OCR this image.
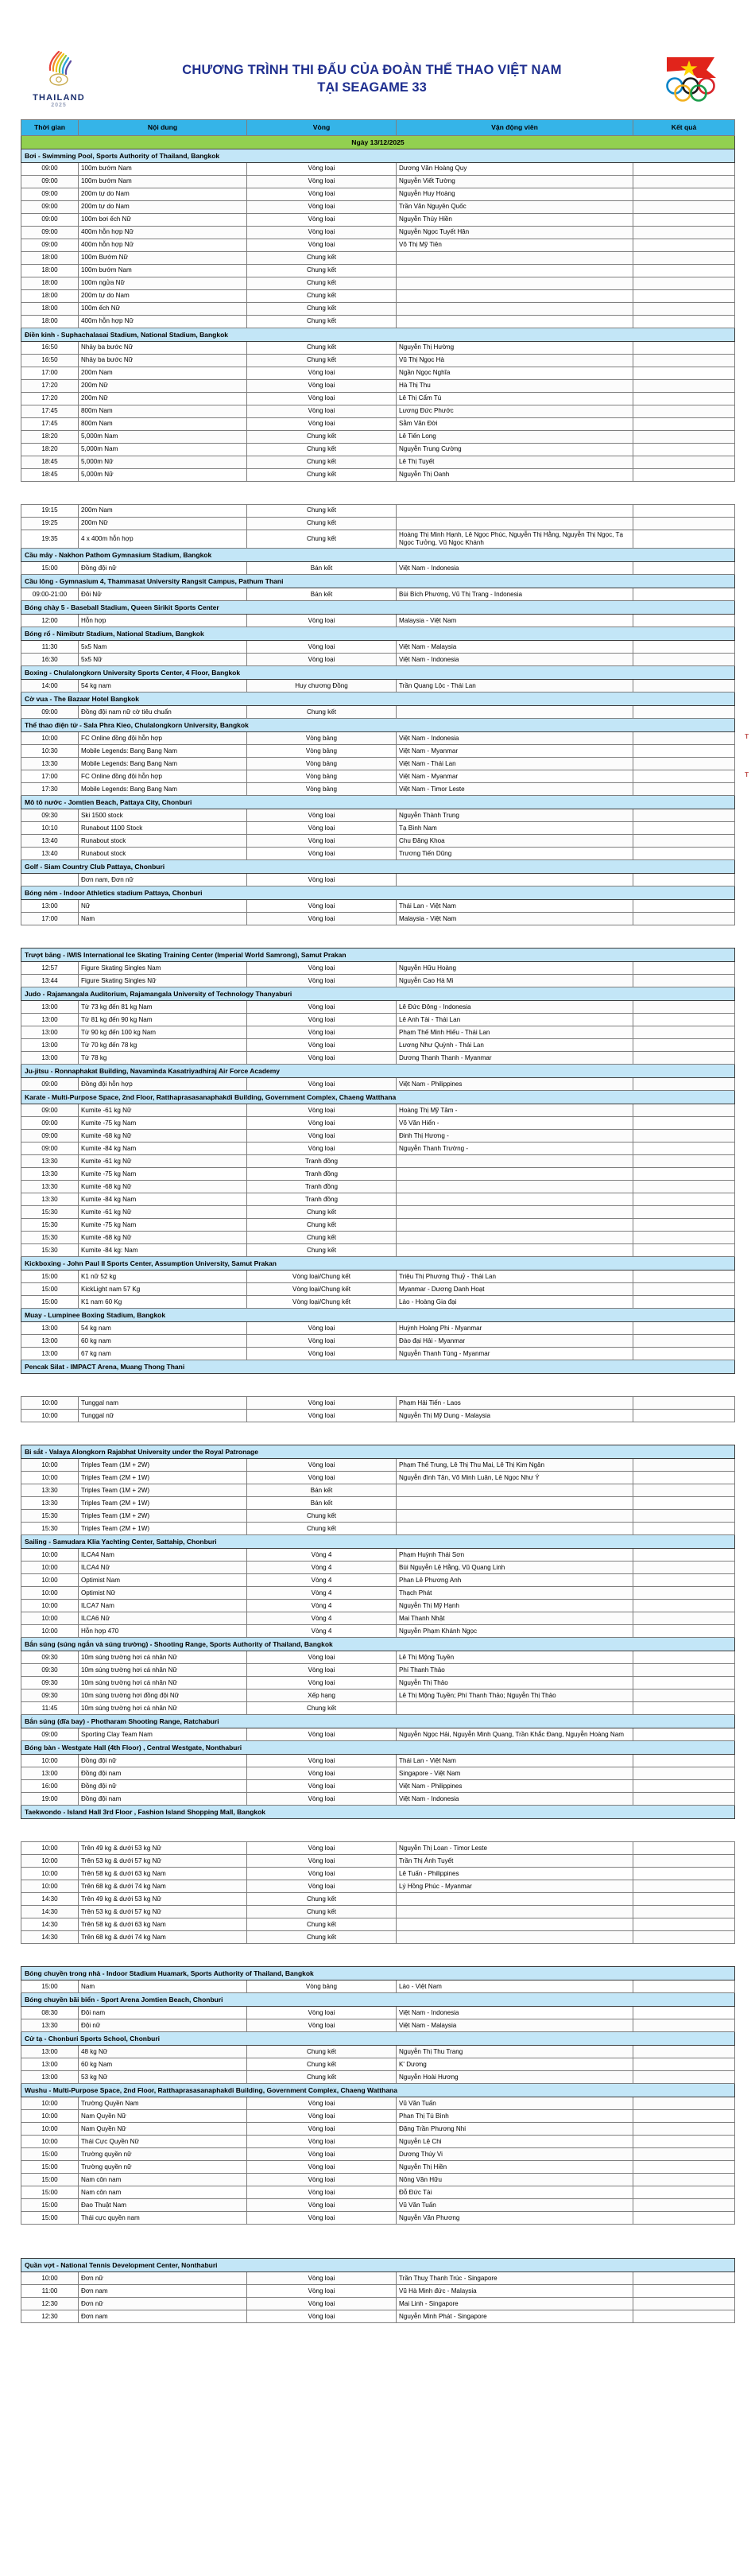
THAILAND
2025
CHƯƠNG TRÌNH THI ĐẤU CỦA ĐOÀN THỂ THAO VIỆT NAM
TẠI SEAGAME 33
Thời gian	Nội dung	Vòng	Vận động viên	Kết quả
Ngày 13/12/2025				
Bơi - Swimming Pool, Sports Authority of Thailand, Bangkok				
09:00	100m bướm Nam	Vòng loại	Dương Văn Hoàng Quy	
09:00	100m bướm Nam	Vòng loại	Nguyễn Viết Tường	
09:00	200m tự do Nam	Vòng loại	Nguyễn Huy Hoàng	
09:00	200m tự do Nam	Vòng loại	Trần Văn Nguyên Quốc	
09:00	100m bơi ếch Nữ	Vòng loại	Nguyễn Thúy Hiền	
09:00	400m hỗn hợp Nữ	Vòng loại	Nguyễn Ngọc Tuyết Hân	
09:00	400m hỗn hợp Nữ	Vòng loại	Võ Thị Mỹ Tiên	
18:00	100m Bướm Nữ	Chung kết		
18:00	100m bướm Nam	Chung kết		
18:00	100m ngửa Nữ	Chung kết		
18:00	200m tự do Nam	Chung kết		
18:00	100m ếch Nữ	Chung kết		
18:00	400m hỗn hợp Nữ	Chung kết		
Điền kinh - Suphachalasai Stadium, National Stadium, Bangkok				
16:50	Nhảy ba bước Nữ	Chung kết	Nguyễn Thị Hường	
16:50	Nhảy ba bước Nữ	Chung kết	Vũ Thị Ngọc Hà	
17:00	200m Nam	Vòng loại	Ngần Ngọc Nghĩa	
17:20	200m Nữ	Vòng loại	Hà Thị Thu	
17:20	200m Nữ	Vòng loại	Lê Thị Cẩm Tú	
17:45	800m Nam	Vòng loại	Lương Đức Phước	
17:45	800m Nam	Vòng loại	Sằm Văn Đời	
18:20	5,000m Nam	Chung kết	Lê Tiến Long	
18:20	5,000m Nam	Chung kết	Nguyễn Trung Cường	
18:45	5,000m Nữ	Chung kết	Lê Thị Tuyết	
18:45	5,000m Nữ	Chung kết	Nguyễn Thị Oanh	

19:15	200m Nam	Chung kết		
19:25	200m Nữ	Chung kết		
19:35	4 x 400m hỗn hợp	Chung kết	Hoàng Thị Minh Hạnh, Lê Ngọc Phúc, Nguyễn Thị Hằng, Nguyễn Thị Ngọc, Tạ Ngọc Tưởng, Vũ Ngọc Khánh	
Cầu mây - Nakhon Pathom Gymnasium Stadium, Bangkok				
15:00	Đồng đội nữ	Bán kết	Việt Nam - Indonesia	
Cầu lông - Gymnasium 4, Thammasat University Rangsit Campus, Pathum Thani				
09:00-21:00	Đôi Nữ	Bán kết	Bùi Bích Phương, Vũ Thị Trang - Indonesia	
Bóng chày 5 - Baseball Stadium, Queen Sirikit Sports Center				
12:00	Hỗn hợp	Vòng loại	Malaysia - Việt Nam	
Bóng rổ - Nimibutr Stadium, National Stadium, Bangkok				
11:30	5x5 Nam	Vòng loại	Việt Nam - Malaysia	
16:30	5x5 Nữ	Vòng loại	Việt Nam - Indonesia	
Boxing - Chulalongkorn University Sports Center, 4 Floor, Bangkok				
14:00	54 kg nam	Huy chương Đồng	Trần Quang Lộc - Thái Lan	
Cờ vua - The Bazaar Hotel Bangkok				
09:00	Đồng đội nam nữ cờ tiêu chuẩn	Chung kết		
Thể thao điện tử - Sala Phra Kieo, Chulalongkorn University, Bangkok				
10:00	FC Online đồng đội hỗn hợp	Vòng bảng	Việt Nam - Indonesia	T

10:30	Mobile Legends: Bang Bang Nam	Vòng bảng	Việt Nam - Myanmar	
13:30	Mobile Legends: Bang Bang Nam	Vòng bảng	Việt Nam - Thái Lan	
17:00	FC Online đồng đội hỗn hợp	Vòng bảng	Việt Nam - Myanmar	T

17:30	Mobile Legends: Bang Bang Nam	Vòng bảng	Việt Nam - Timor Leste	
Mô tô nước - Jomtien Beach, Pattaya City, Chonburi				
09:30	Ski 1500 stock	Vòng loại	Nguyễn Thành Trung	
10:10	Runabout 1100 Stock	Vòng loại	Tạ Bình Nam	
13:40	Runabout stock	Vòng loại	Chu Đăng Khoa	
13:40	Runabout stock	Vòng loại	Trương Tiến Dũng	
Golf - Siam Country Club Pattaya, Chonburi				
	Đơn nam, Đơn nữ	Vòng loại		
Bóng ném - Indoor Athletics stadium Pattaya, Chonburi				
13:00	Nữ	Vòng loại	Thái Lan - Việt Nam	
17:00	Nam	Vòng loại	Malaysia - Việt Nam	

Trượt băng - IWIS International Ice Skating Training Center (Imperial World Samrong), Samut Prakan				
12:57	Figure Skating Singles Nam	Vòng loại	Nguyễn Hữu Hoàng	
13:44	Figure Skating Singles Nữ	Vòng loại	Nguyễn Cao Hà Mi	
Judo - Rajamangala Auditorium, Rajamangala University of Technology Thanyaburi				
13:00	Từ 73 kg đến 81 kg Nam	Vòng loại	Lê Đức Đông - Indonesia	
13:00	Từ 81 kg đến 90 kg Nam	Vòng loại	Lê Anh Tài - Thái Lan	
13:00	Từ 90 kg đến 100 kg Nam	Vòng loại	Phạm Thế Minh Hiếu - Thái Lan	
13:00	Từ 70 kg đến 78 kg	Vòng loại	Lương Như Quỳnh - Thái Lan	
13:00	Từ 78 kg	Vòng loại	Dương Thanh Thanh - Myanmar	
Ju-jitsu - Ronnaphakat Building, Navaminda Kasatriyadhiraj Air Force Academy				
09:00	Đồng đội hỗn hợp	Vòng loại	Việt Nam - Philippines	
Karate - Multi-Purpose Space, 2nd Floor, Ratthaprasasanaphakdi Building, Government Complex, Chaeng Watthana				
09:00	Kumite -61 kg Nữ	Vòng loại	Hoàng Thị Mỹ Tâm -	
09:00	Kumite -75 kg Nam	Vòng loại	Võ Văn Hiển -	
09:00	Kumite -68 kg Nữ	Vòng loại	Đinh Thị Hương -	
09:00	Kumite -84 kg Nam	Vòng loại	Nguyễn Thanh Trường -	
13:30	Kumite -61 kg Nữ	Tranh đồng		
13:30	Kumite -75 kg Nam	Tranh đồng		
13:30	Kumite -68 kg Nữ	Tranh đồng		
13:30	Kumite -84 kg Nam	Tranh đồng		
15:30	Kumite -61 kg Nữ	Chung kết		
15:30	Kumite -75 kg Nam	Chung kết		
15:30	Kumite -68 kg Nữ	Chung kết		
15:30	Kumite -84 kg: Nam	Chung kết		
Kickboxing - John Paul II Sports Center, Assumption University, Samut Prakan				
15:00	K1 nữ 52 kg	Vòng loại/Chung kết	Triệu Thị Phương Thuỷ - Thái Lan	
15:00	KickLight nam 57 Kg	Vòng loại/Chung kết	Myanmar - Dương Danh Hoạt	
15:00	K1 nam 60 Kg	Vòng loại/Chung kết	Lào - Hoàng Gia đại	
Muay - Lumpinee Boxing Stadium, Bangkok				
13:00	54 kg nam	Vòng loại	Huỳnh Hoàng Phi - Myanmar	
13:00	60 kg nam	Vòng loại	Đào đại Hải - Myanmar	
13:00	67 kg nam	Vòng loại	Nguyễn Thanh Tùng - Myanmar	
Pencak Silat - IMPACT Arena, Muang Thong Thani				

10:00	Tunggal nam	Vòng loại	Phạm Hải Tiến - Laos	
10:00	Tunggal nữ	Vòng loại	Nguyễn Thị Mỹ Dung - Malaysia	

Bi sắt - Valaya Alongkorn Rajabhat University under the Royal Patronage				
10:00	Triples Team (1M + 2W)	Vòng loại	Phạm Thế Trung, Lê Thị Thu Mai, Lê Thị Kim Ngân	
10:00	Triples Team (2M + 1W)	Vòng loại	Nguyễn đình Tân, Võ Minh Luân, Lê Ngọc Như Ý	
13:30	Triples Team (1M + 2W)	Bán kết		
13:30	Triples Team (2M + 1W)	Bán kết		
15:30	Triples Team (1M + 2W)	Chung kết		
15:30	Triples Team (2M + 1W)	Chung kết		
Sailing - Samudara Klia Yachting Center, Sattahip, Chonburi				
10:00	ILCA4 Nam	Vòng 4	Phạm Huỳnh Thái Sơn	
10:00	ILCA4 Nữ	Vòng 4	Bùi Nguyễn Lệ Hằng, Vũ Quang Linh	
10:00	Optimist Nam	Vòng 4	Phan Lê Phương Anh	
10:00	Optimist Nữ	Vòng 4	Thạch Phát	
10:00	ILCA7 Nam	Vòng 4	Nguyễn Thị Mỹ Hạnh	
10:00	ILCA6 Nữ	Vòng 4	Mai Thanh Nhật	
10:00	Hỗn hợp 470	Vòng 4	Nguyễn Phạm Khánh Ngọc	
Bắn súng (súng ngắn và súng trường) - Shooting Range, Sports Authority of Thailand, Bangkok				
09:30	10m súng trường hơi cá nhân Nữ	Vòng loại	Lê Thị Mộng Tuyền	
09:30	10m súng trường hơi cá nhân Nữ	Vòng loại	Phí Thanh Thảo	
09:30	10m súng trường hơi cá nhân Nữ	Vòng loại	Nguyễn Thị Thảo	
09:30	10m súng trường hơi đồng đội Nữ	Xếp hạng	Lê Thị Mộng Tuyền; Phí Thanh Thảo; Nguyễn Thị Thảo	
11:45	10m súng trường hơi cá nhân Nữ	Chung kết		
Bắn súng (đĩa bay) - Photharam Shooting Range, Ratchaburi				
09:00	Sporting Clay Team Nam	Vòng loại	Nguyễn Ngọc Hải, Nguyễn Minh Quang, Trần Khắc Đang, Nguyễn Hoàng Nam	
Bóng bàn - Westgate Hall (4th Floor) , Central Westgate, Nonthaburi				
10:00	Đồng đội nữ	Vòng loại	Thái Lan - Việt Nam	
13:00	Đồng đội nam	Vòng loại	Singapore - Việt Nam	
16:00	Đồng đội nữ	Vòng loại	Việt Nam - Philippines	
19:00	Đồng đội nam	Vòng loại	Việt Nam - Indonesia	
Taekwondo - Island Hall 3rd Floor , Fashion Island Shopping Mall, Bangkok				

10:00	Trên 49 kg & dưới 53 kg Nữ	Vòng loại	Nguyễn Thị Loan - Timor Leste	
10:00	Trên 53 kg & dưới 57 kg Nữ	Vòng loại	Trần Thị Ánh Tuyết	
10:00	Trên 58 kg & dưới 63 kg Nam	Vòng loại	Lê Tuấn - Philippines	
10:00	Trên 68 kg & dưới 74 kg Nam	Vòng loại	Lý Hồng Phúc - Myanmar	
14:30	Trên 49 kg & dưới 53 kg Nữ	Chung kết		
14:30	Trên 53 kg & dưới 57 kg Nữ	Chung kết		
14:30	Trên 58 kg & dưới 63 kg Nam	Chung kết		
14:30	Trên 68 kg & dưới 74 kg Nam	Chung kết		

Bóng chuyền trong nhà - Indoor Stadium Huamark, Sports Authority of Thailand, Bangkok				
15:00	Nam	Vòng bảng	Lào - Việt Nam	
Bóng chuyền bãi biển - Sport Arena Jomtien Beach, Chonburi				
08:30	Đội nam	Vòng loại	Việt Nam - Indonesia	
13:30	Đội nữ	Vòng loại	Việt Nam - Malaysia	
Cử tạ - Chonburi Sports School, Chonburi				
13:00	48 kg Nữ	Chung kết	Nguyễn Thị Thu Trang	
13:00	60 kg Nam	Chung kết	K' Dương	
13:00	53 kg Nữ	Chung kết	Nguyễn Hoài Hương	
Wushu - Multi-Purpose Space, 2nd Floor, Ratthaprasasanaphakdi Building, Government Complex, Chaeng Watthana				
10:00	Trường Quyền Nam	Vòng loại	Vũ Văn Tuấn	
10:00	Nam Quyền Nữ	Vòng loại	Phan Thị Tú Bình	
10:00	Nam Quyền Nữ	Vòng loại	Đặng Trần Phương Nhi	
10:00	Thái Cực Quyền Nữ	Vòng loại	Nguyễn Lệ Chi	
15:00	Trường quyền nữ	Vòng loại	Dương Thúy Vi	
15:00	Trường quyền nữ	Vòng loại	Nguyễn Thị Hiền	
15:00	Nam côn nam	Vòng loại	Nông Văn Hữu	
15:00	Nam côn nam	Vòng loại	Đỗ Đức Tài	
15:00	Đao Thuật Nam	Vòng loại	Vũ Văn Tuấn	
15:00	Thái cực quyền nam	Vòng loại	Nguyễn Văn Phương	

Quần vợt - National Tennis Development Center, Nonthaburi				
10:00	Đơn nữ	Vòng loại	Trần Thuỵ Thanh Trúc - Singapore	
11:00	Đơn nam	Vòng loại	Vũ Hà Minh đức - Malaysia	
12:30	Đơn nữ	Vòng loại	Mai Linh - Singapore	
12:30	Đơn nam	Vòng loại	Nguyễn Minh Phát - Singapore	
